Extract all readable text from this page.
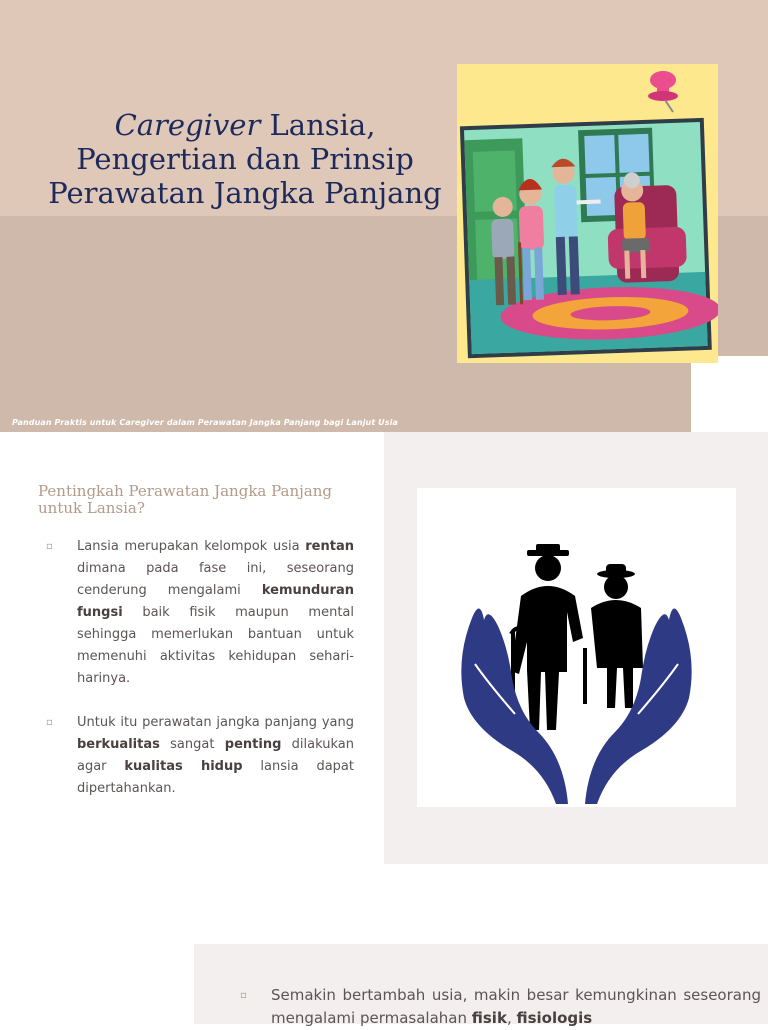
Caregiver Lansia,
Pengertian dan Prinsip
Perawatan Jangka Panjang
Panduan Praktis untuk Caregiver dalam Perawatan Jangka Panjang bagi Lanjut Usia
Pentingkah Perawatan Jangka Panjang untuk Lansia?
▫ Lansia merupakan kelompok usia rentan dimana pada fase ini, seseorang cenderung mengalami kemunduran fungsi baik fisik maupun mental sehingga memerlukan bantuan untuk memenuhi aktivitas kehidupan sehari-harinya.
▫ Untuk itu perawatan jangka panjang yang berkualitas sangat penting dilakukan agar kualitas hidup lansia dapat dipertahankan.
▫ Semakin bertambah usia, makin besar kemungkinan seseorang mengalami permasalahan fisik, fisiologis
